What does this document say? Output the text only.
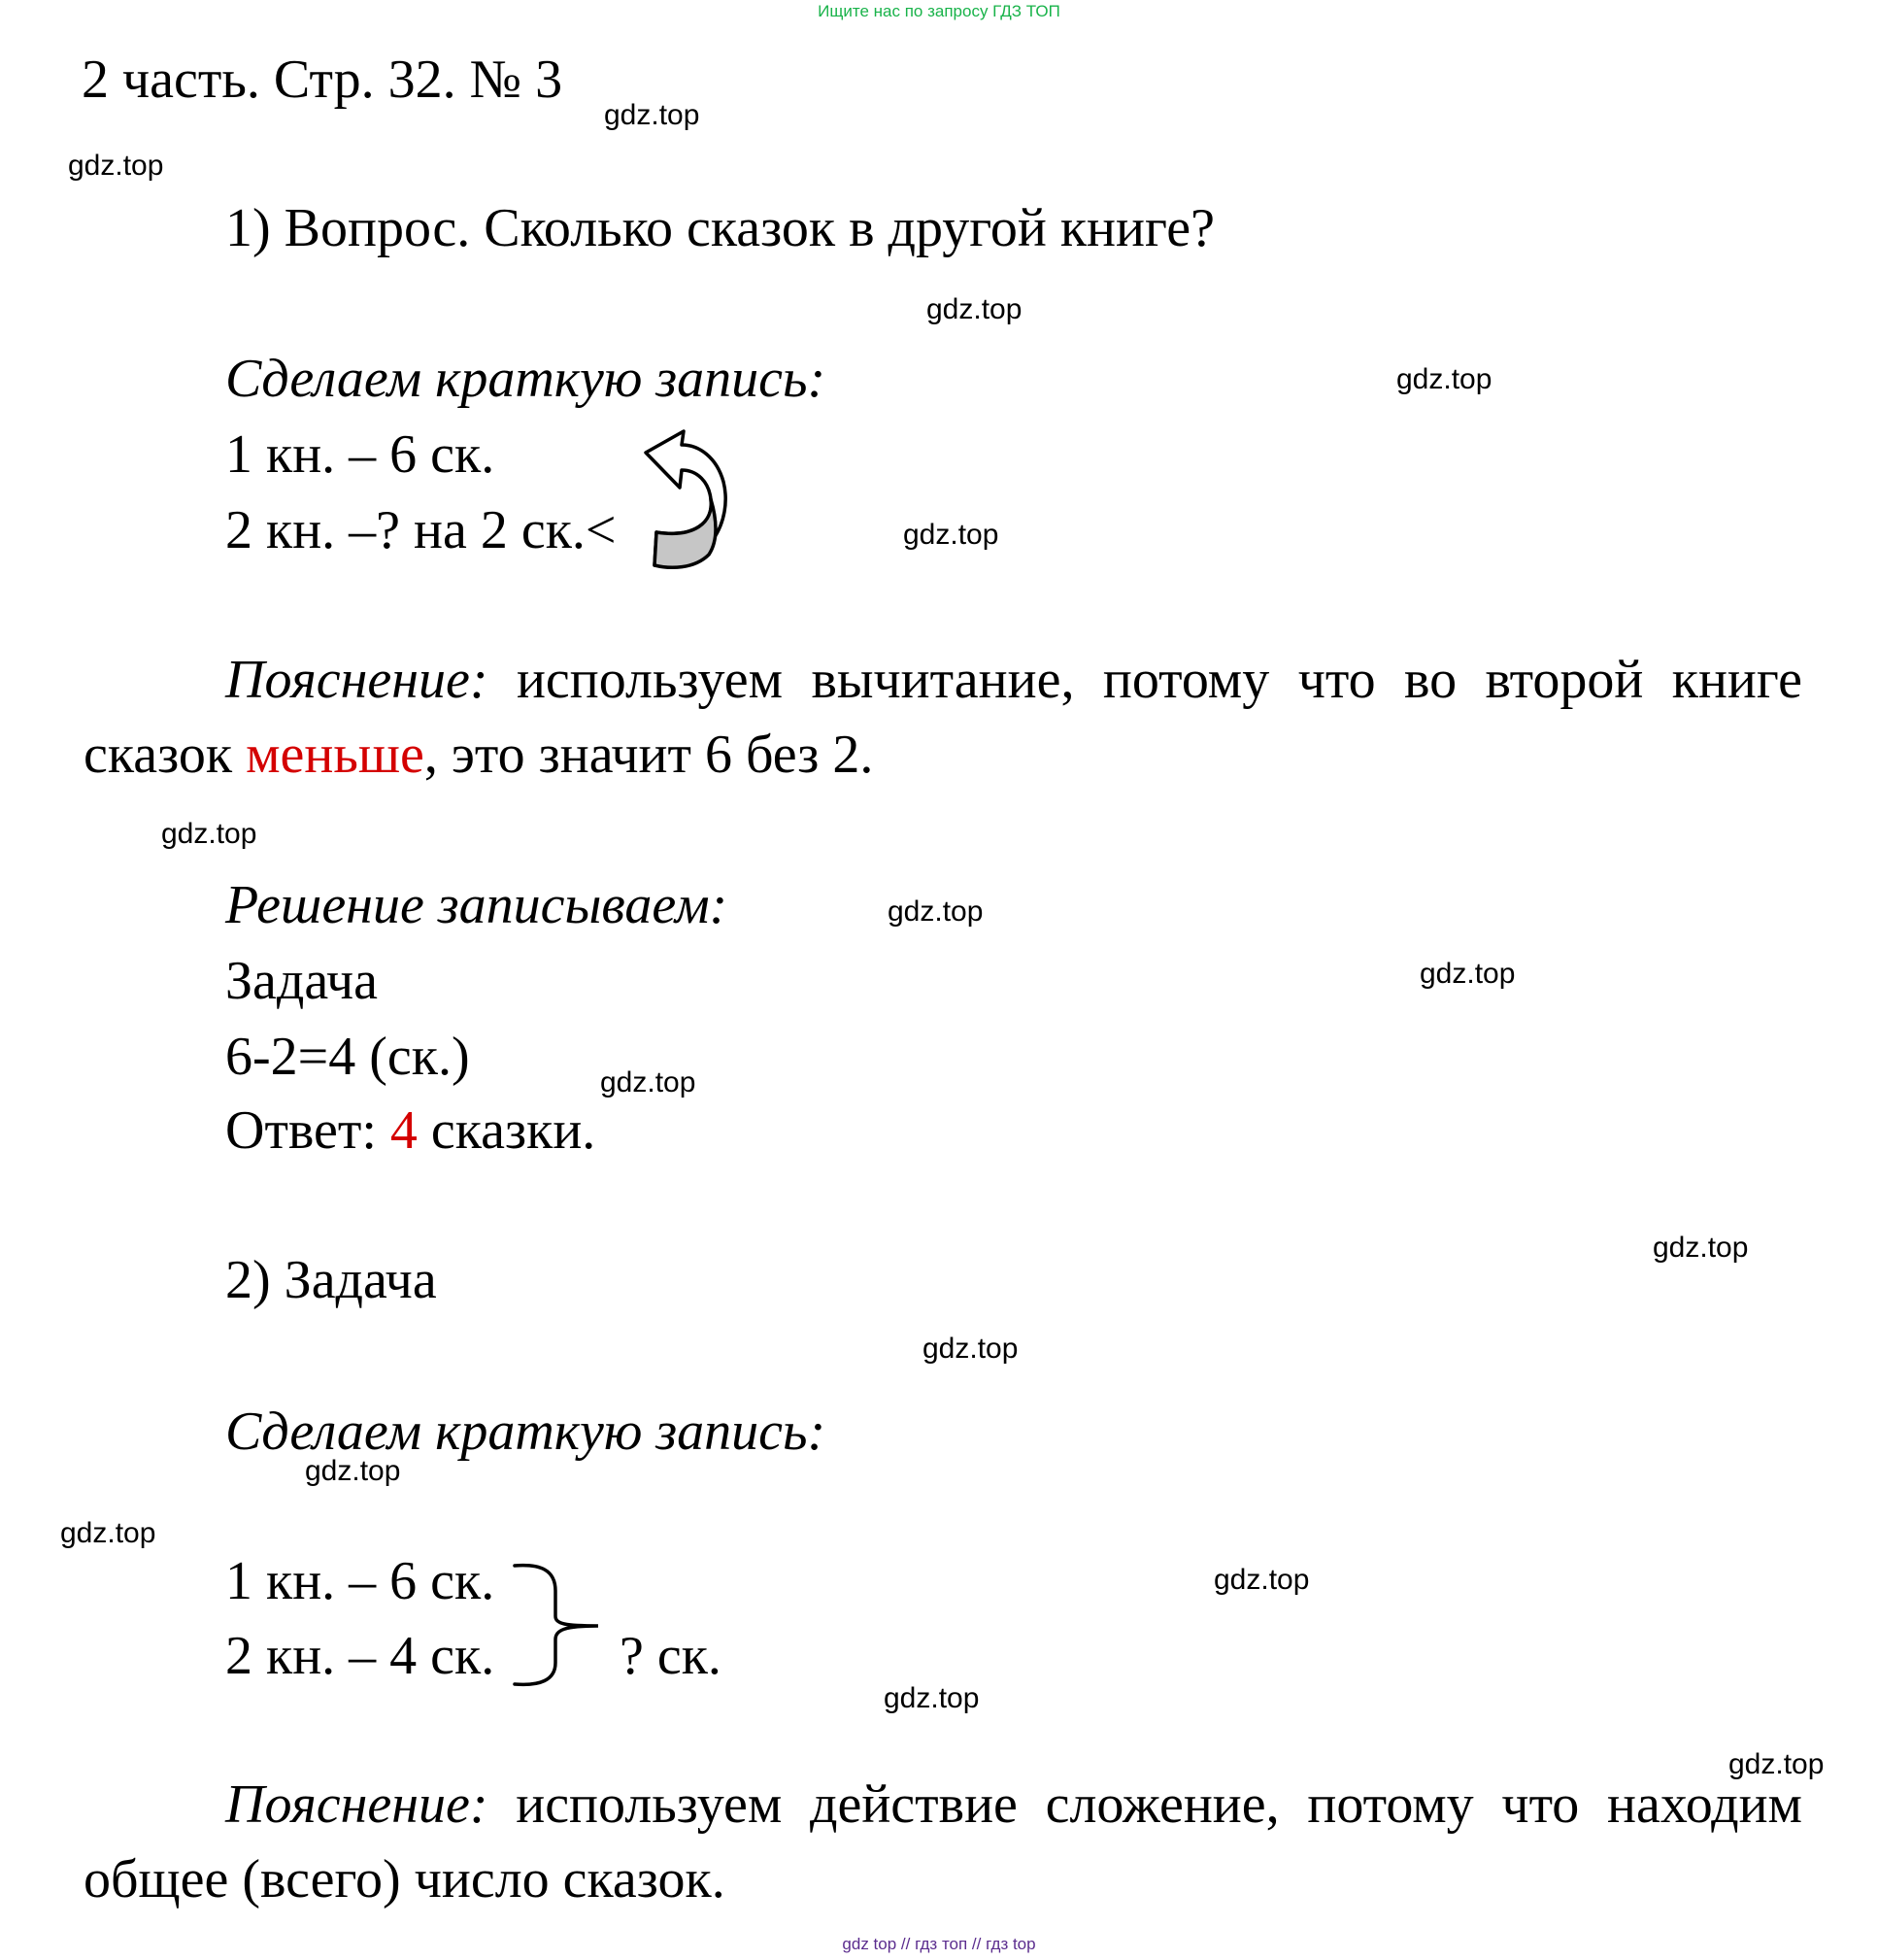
Ищите нас по запросу ГДЗ ТОП
2 часть. Стр. 32. № 3
1) Вопрос. Сколько сказок в другой книге?
Сделаем краткую запись:
1 кн. – 6 ск.
2 кн. –? на 2 ск.<
Пояснение: используем вычитание, потому что во второй книге сказок меньше, это значит 6 без 2.
Решение записываем:
Задача
6-2=4 (ск.)
Ответ: 4 сказки.
2) Задача
Сделаем краткую запись:
1 кн. – 6 ск.
2 кн. – 4 ск. ? ск.
Пояснение: используем действие сложение, потому что находим общее (всего) число сказок.
gdz.top
gdz.top
gdz.top
gdz.top
gdz.top
gdz.top
gdz.top
gdz.top
gdz.top
gdz.top
gdz.top
gdz.top
gdz.top
gdz.top
gdz.top
gdz.top
gdz top // гдз топ // гдз top
